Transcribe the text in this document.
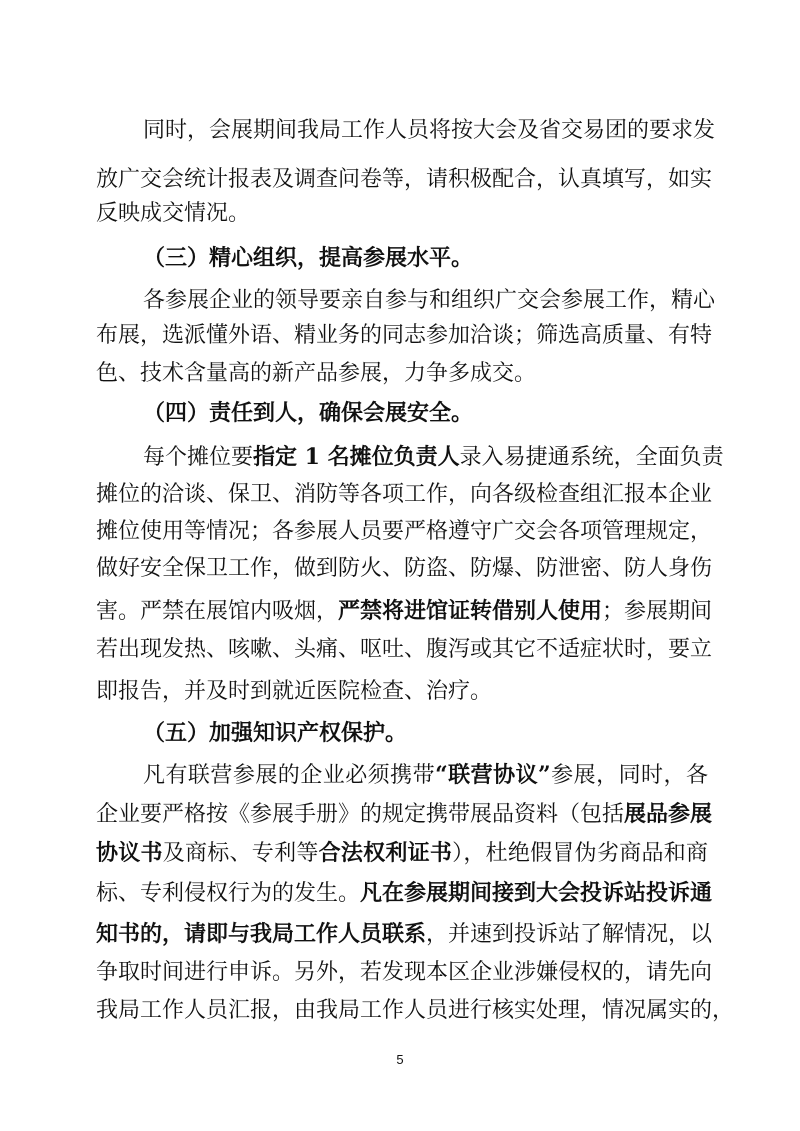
同时，会展期间我局工作人员将按大会及省交易团的要求发
放广交会统计报表及调查问卷等，请积极配合，认真填写，如实
反映成交情况。
（三）精心组织，提高参展水平。
各参展企业的领导要亲自参与和组织广交会参展工作，精心
布展，选派懂外语、精业务的同志参加洽谈；筛选高质量、有特
色、技术含量高的新产品参展，力争多成交。
（四）责任到人，确保会展安全。
每个摊位要指定 1 名摊位负责人录入易捷通系统，全面负责
摊位的洽谈、保卫、消防等各项工作，向各级检查组汇报本企业
摊位使用等情况；各参展人员要严格遵守广交会各项管理规定，
做好安全保卫工作，做到防火、防盗、防爆、防泄密、防人身伤
害。严禁在展馆内吸烟，严禁将进馆证转借别人使用；参展期间
若出现发热、咳嗽、头痛、呕吐、腹泻或其它不适症状时，要立
即报告，并及时到就近医院检查、治疗。
（五）加强知识产权保护。
凡有联营参展的企业必须携带“联营协议”参展，同时，各
企业要严格按《参展手册》的规定携带展品资料（包括展品参展
协议书及商标、专利等合法权利证书），杜绝假冒伪劣商品和商
标、专利侵权行为的发生。凡在参展期间接到大会投诉站投诉通
知书的，请即与我局工作人员联系，并速到投诉站了解情况，以
争取时间进行申诉。另外，若发现本区企业涉嫌侵权的，请先向
我局工作人员汇报，由我局工作人员进行核实处理，情况属实的，
5
